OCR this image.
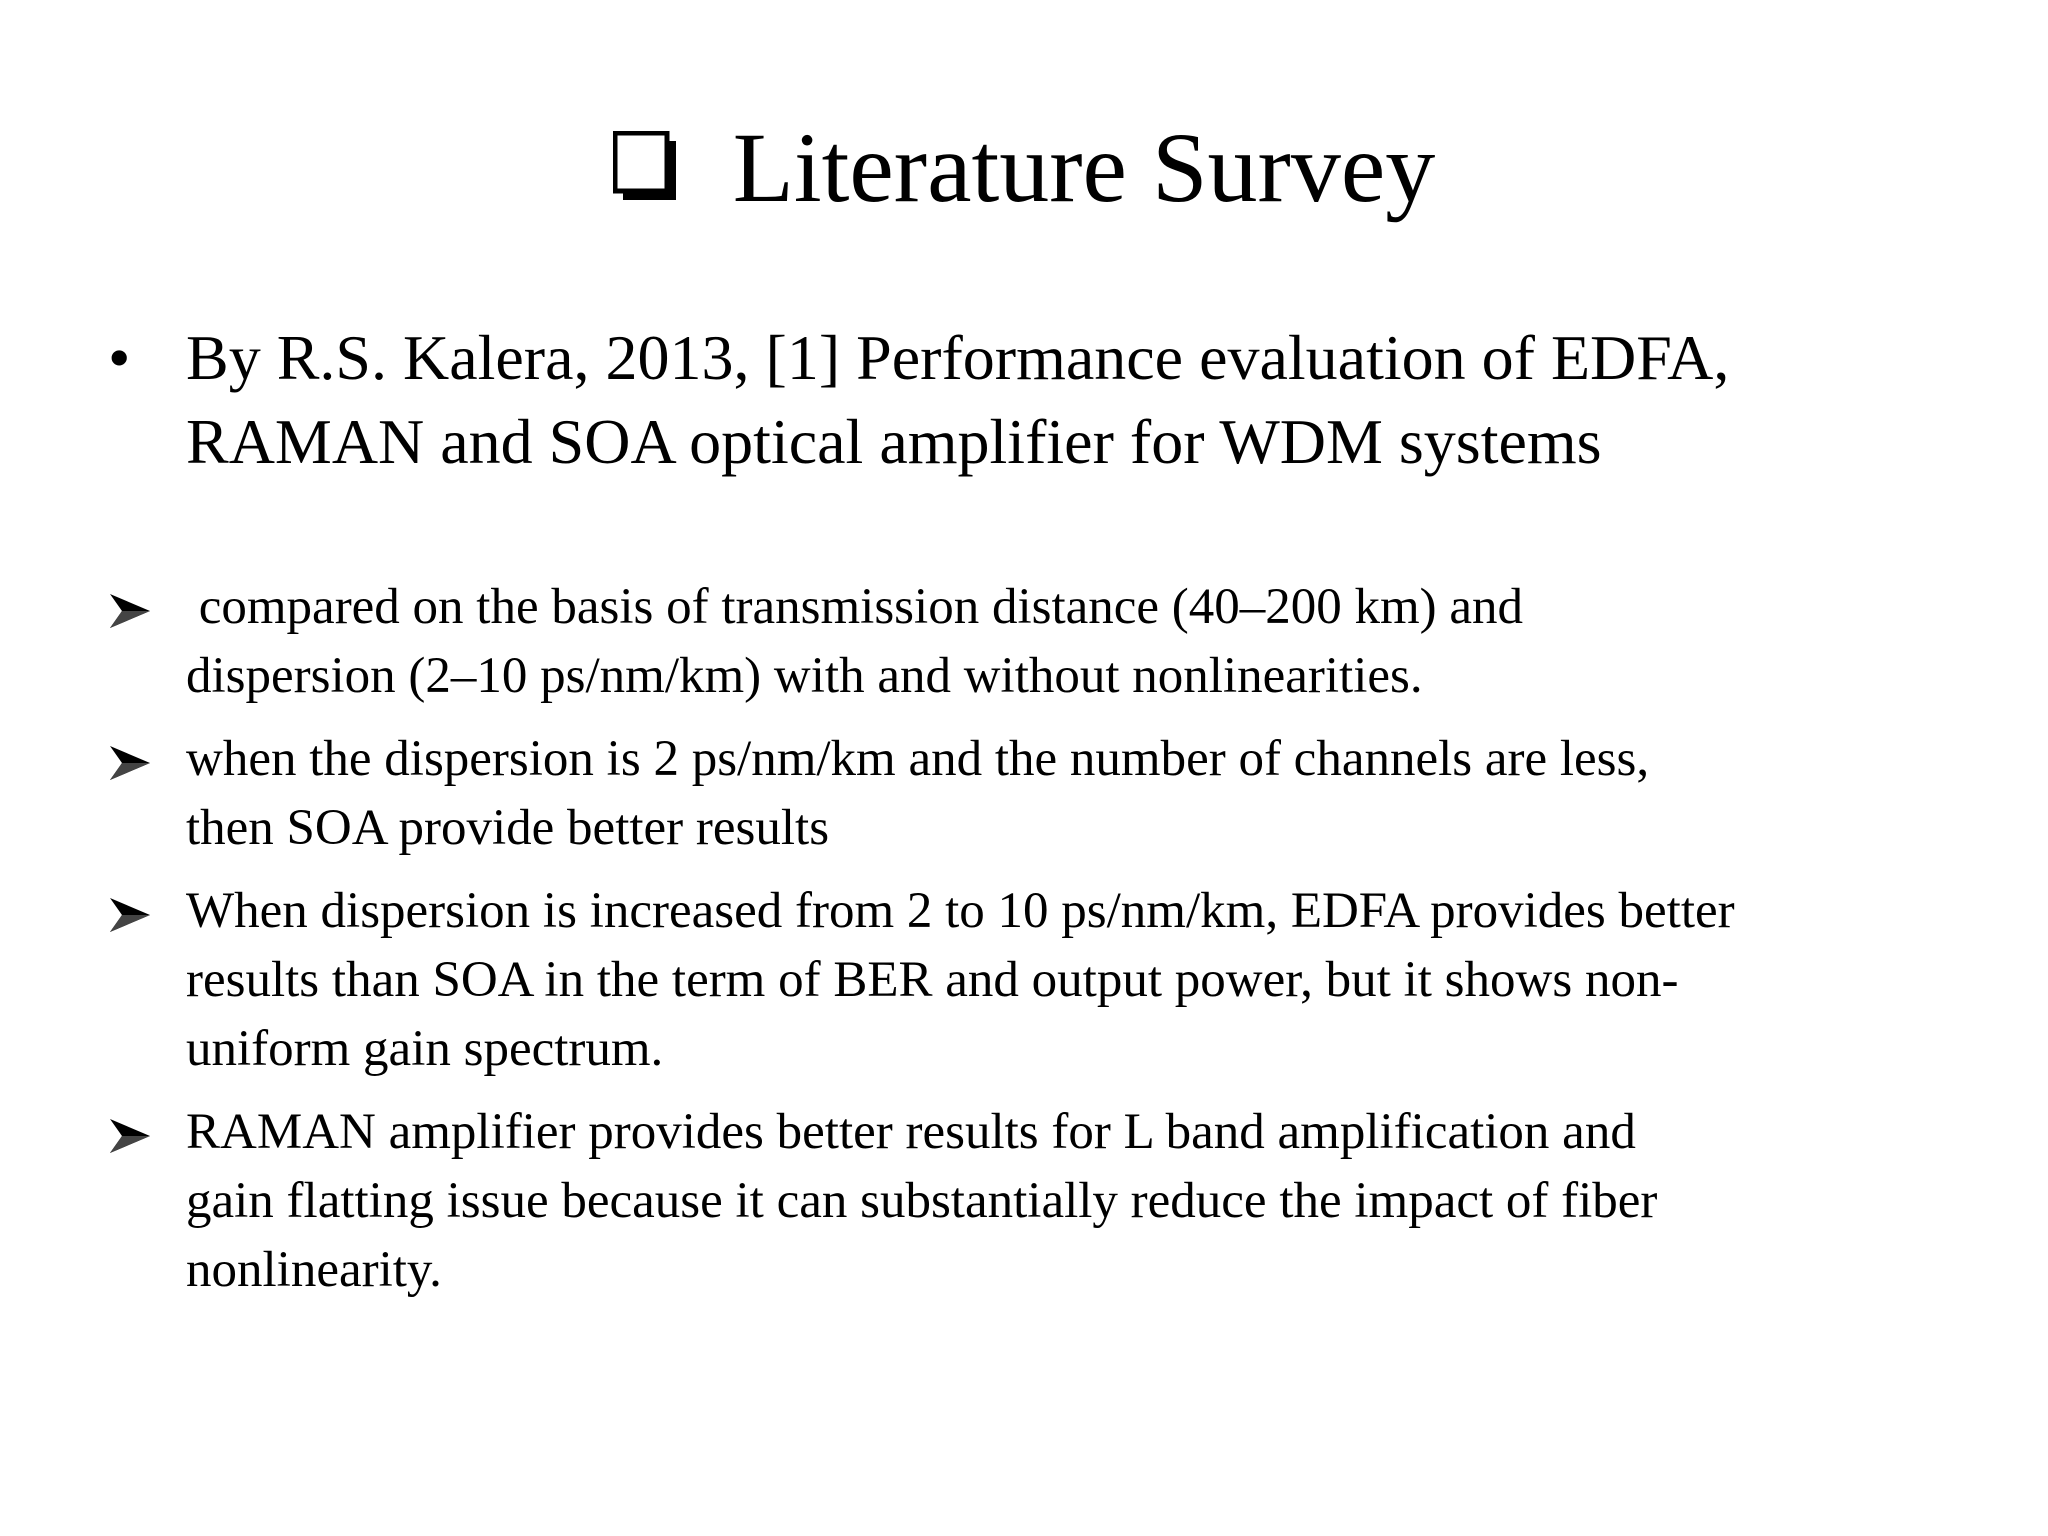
Literature Survey
• By R.S. Kalera, 2013, [1] Performance evaluation of EDFA,
RAMAN and SOA optical amplifier for WDM systems
compared on the basis of transmission distance (40–200 km) and
dispersion (2–10 ps/nm/km) with and without nonlinearities.
when the dispersion is 2 ps/nm/km and the number of channels are less,
then SOA provide better results
When dispersion is increased from 2 to 10 ps/nm/km, EDFA provides better
results than SOA in the term of BER and output power, but it shows non-
uniform gain spectrum.
RAMAN amplifier provides better results for L band amplification and
gain flatting issue because it can substantially reduce the impact of fiber
nonlinearity.
